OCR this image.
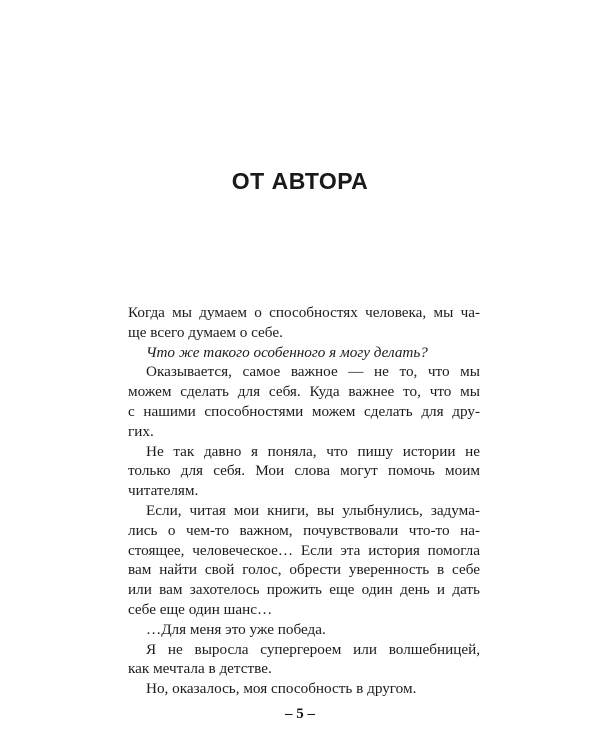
ОТ АВТОРА
Когда мы думаем о способностях человека, мы ча-
ще всего думаем о себе.
Что же такого особенного я могу делать?
Оказывается, самое важное — не то, что мы
можем сделать для себя. Куда важнее то, что мы
с нашими способностями можем сделать для дру-
гих.
Не так давно я поняла, что пишу истории не
только для себя. Мои слова могут помочь моим
читателям.
Если, читая мои книги, вы улыбнулись, задума-
лись о чем-то важном, почувствовали что-то на-
стоящее, человеческое… Если эта история помогла
вам найти свой голос, обрести уверенность в себе
или вам захотелось прожить еще один день и дать
себе еще один шанс…
…Для меня это уже победа.
Я не выросла супергероем или волшебницей,
как мечтала в детстве.
Но, оказалось, моя способность в другом.
– 5 –
